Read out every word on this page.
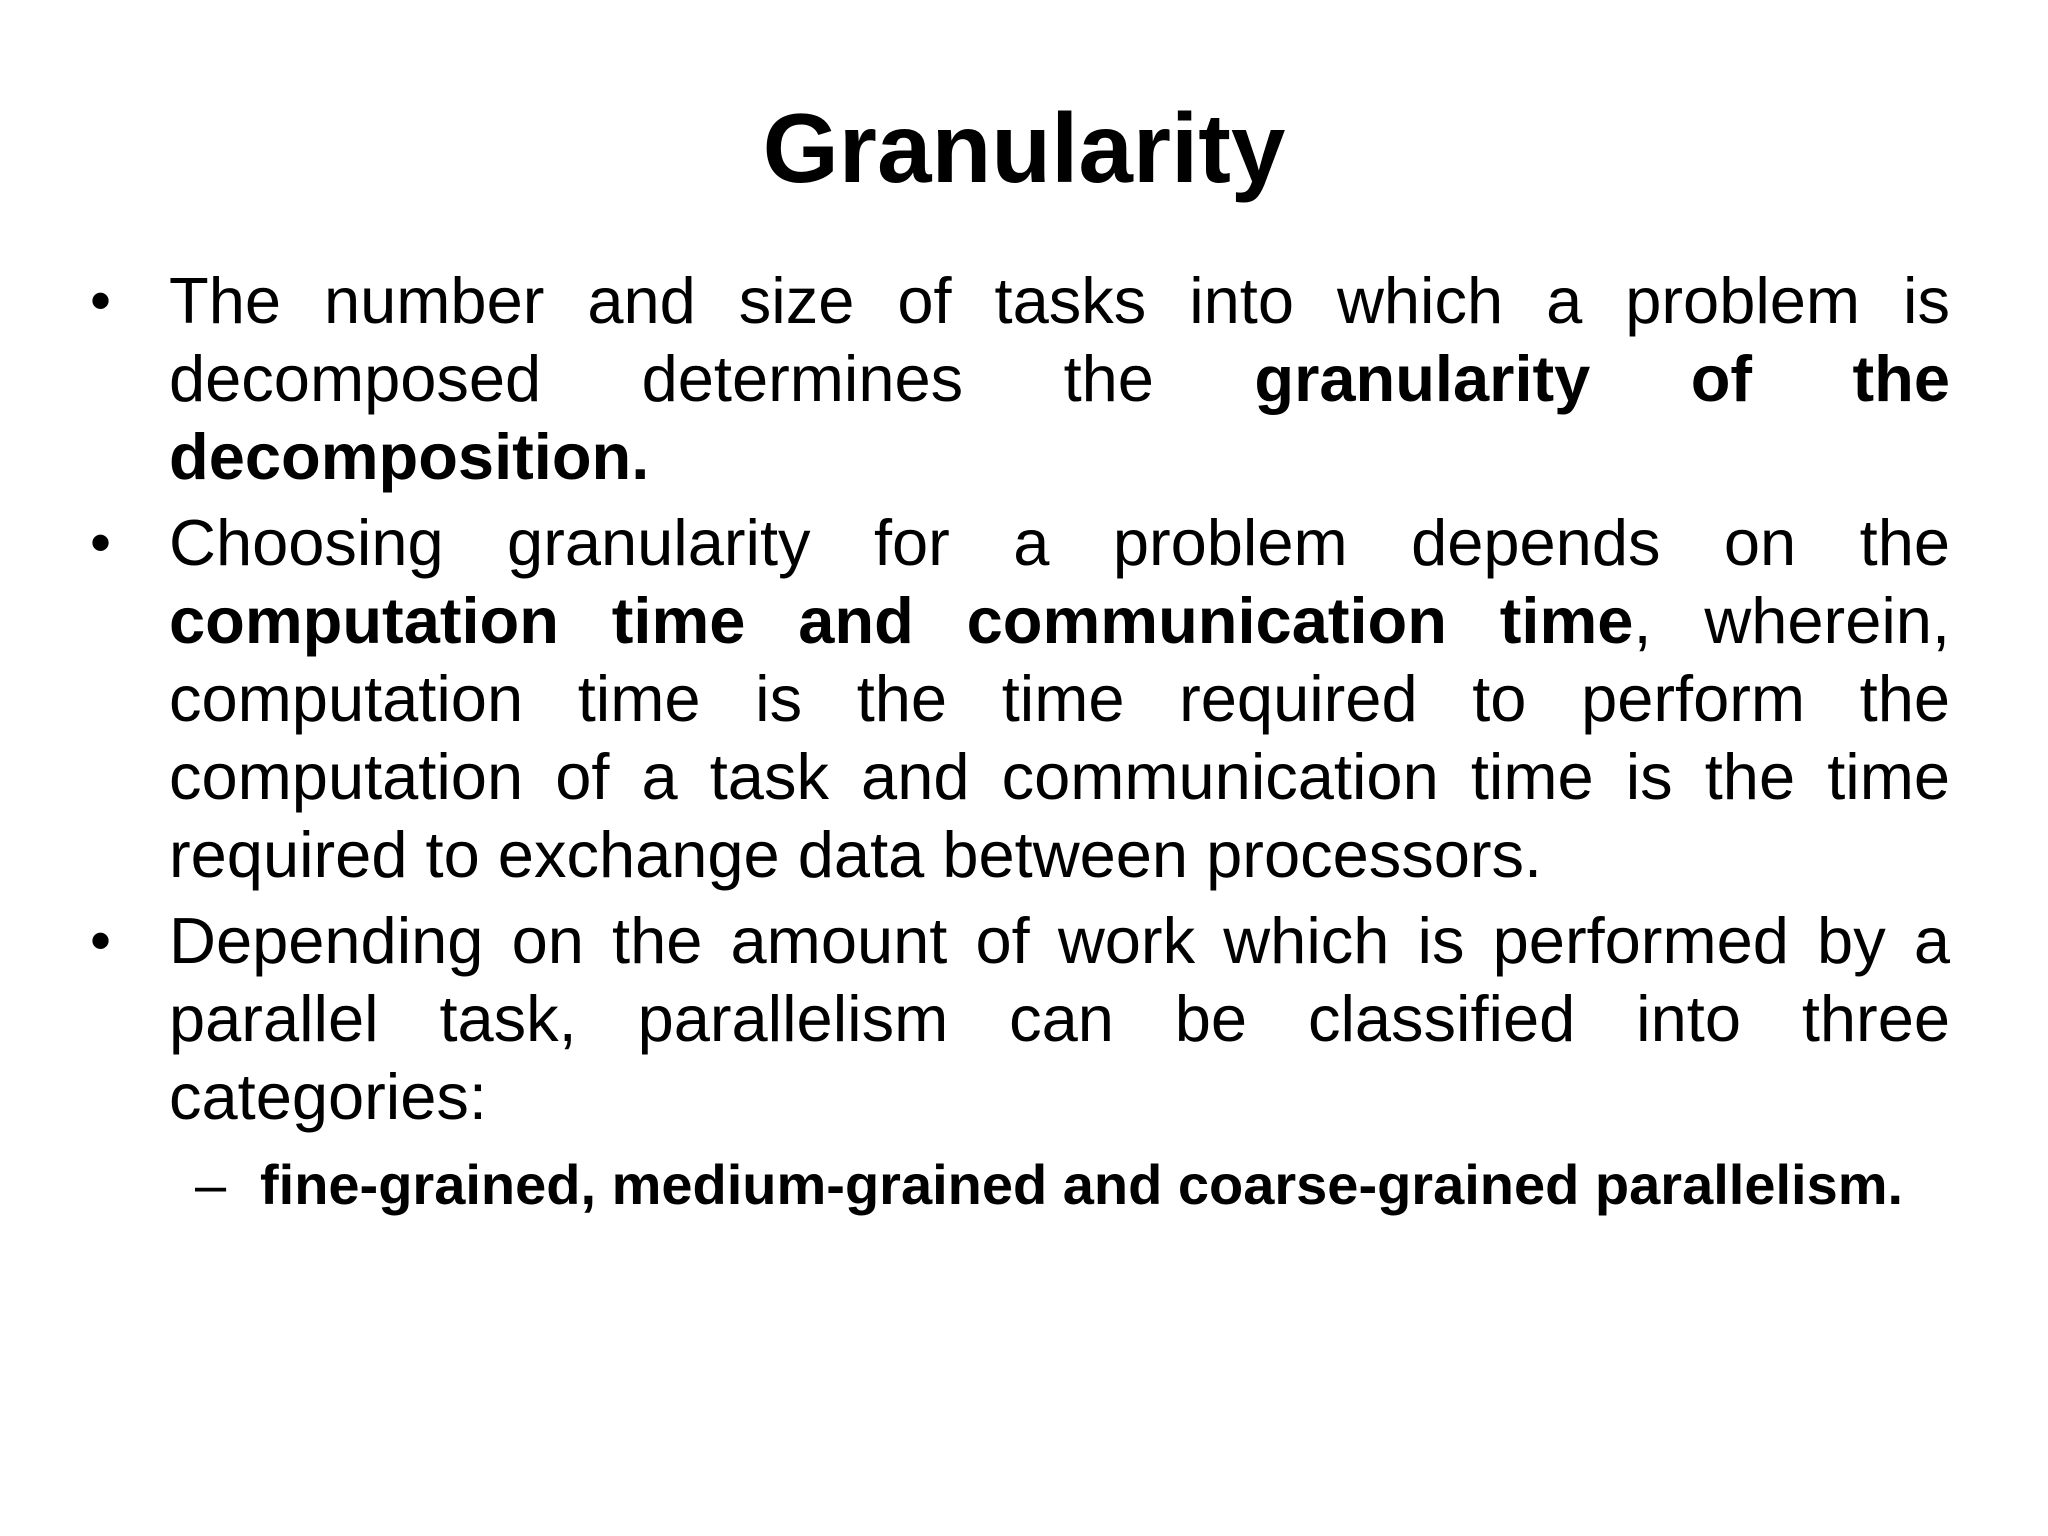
Granularity
• The number and size of tasks into which a problem is decomposed determines the granularity of the decomposition.
• Choosing granularity for a problem depends on the computation time and communication time, wherein, computation time is the time required to perform the computation of a task and communication time is the time required to exchange data between processors.
• Depending on the amount of work which is performed by a parallel task, parallelism can be classified into three categories:
– fine-grained, medium-grained and coarse-grained parallelism.
